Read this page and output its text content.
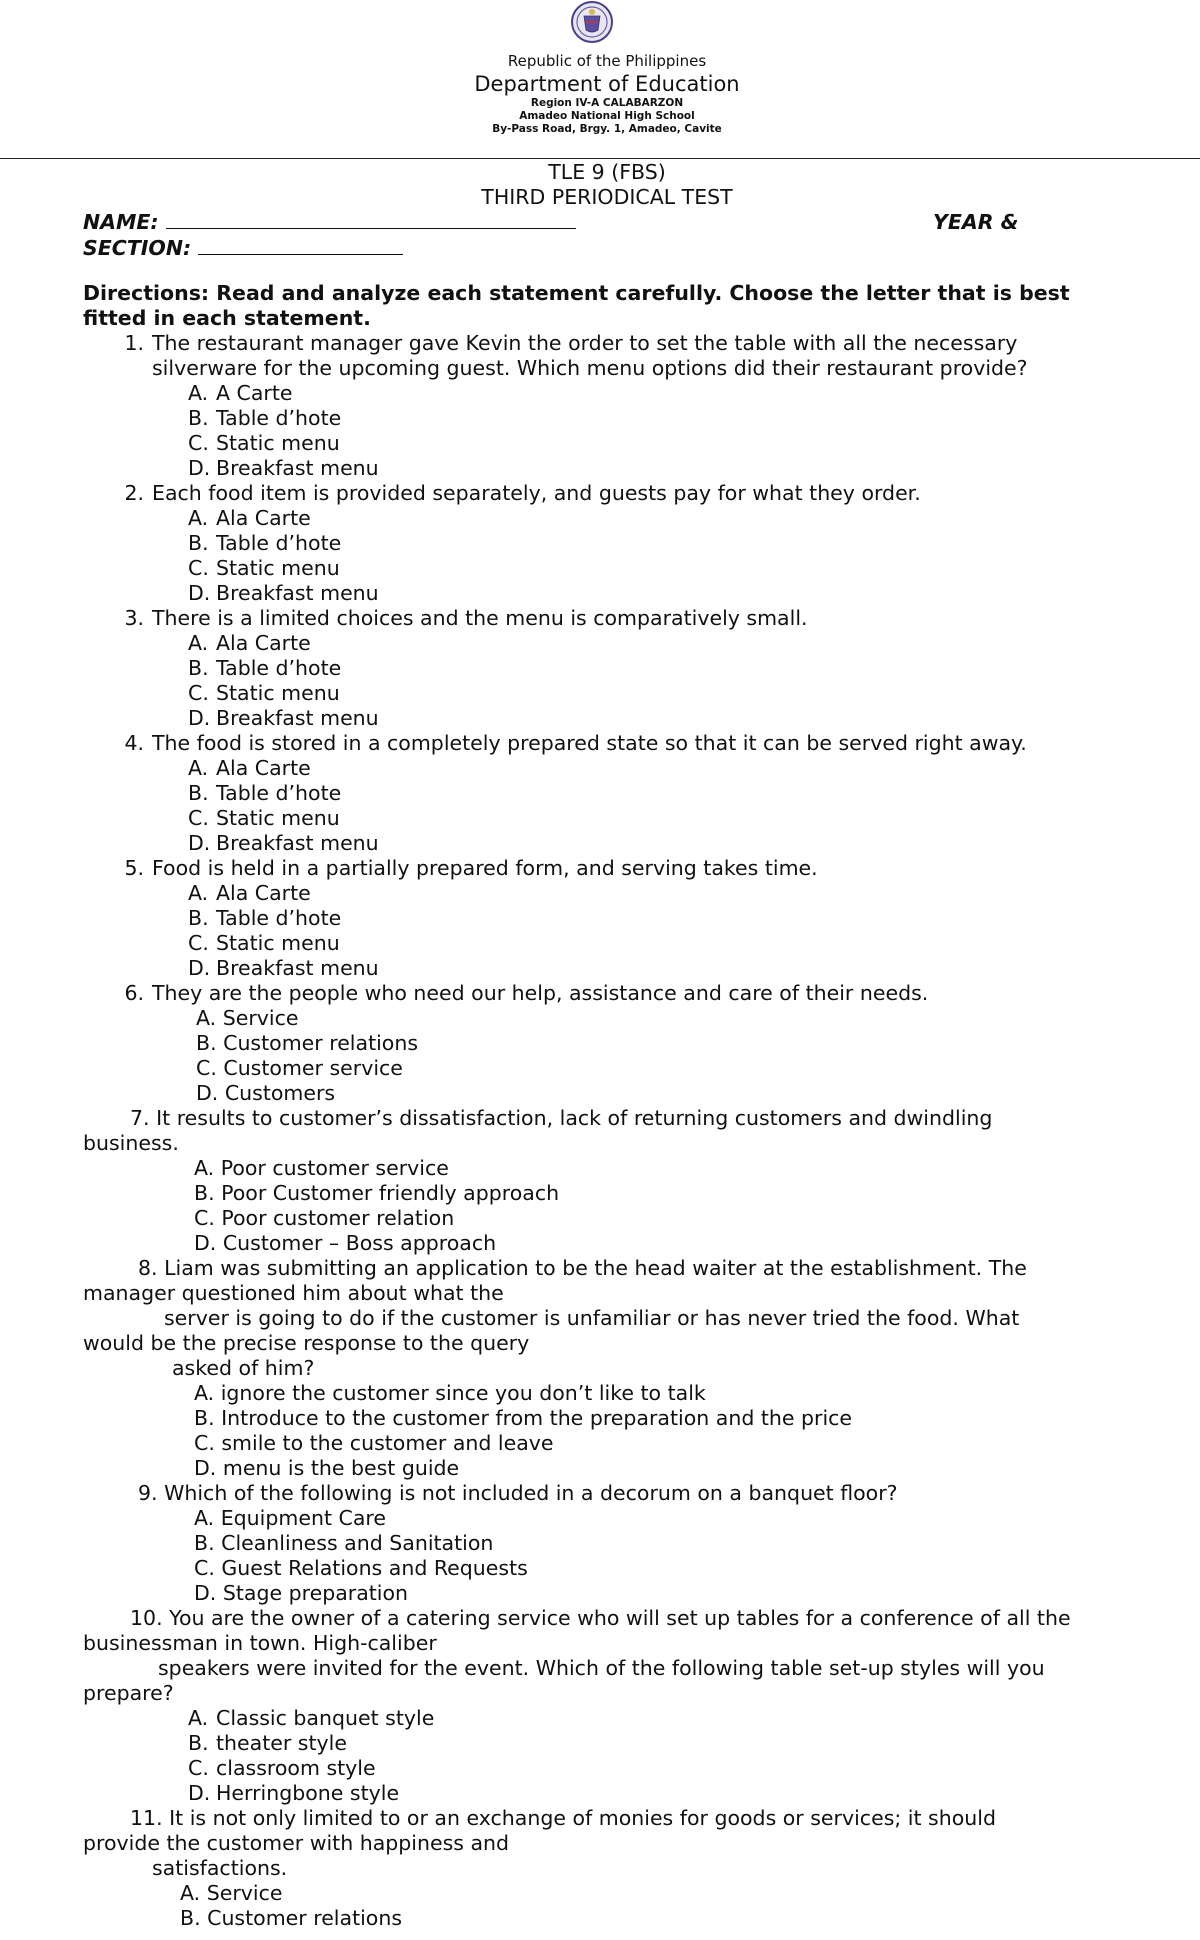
Republic of the Philippines
Department of Education
Region IV-A CALABARZON
Amadeo National High School
By-Pass Road, Brgy. 1, Amadeo, Cavite
TLE 9 (FBS)
THIRD PERIODICAL TEST
NAME:	YEAR &
SECTION:
Directions: Read and analyze each statement carefully. Choose the letter that is best
fitted in each statement.
1. The restaurant manager gave Kevin the order to set the table with all the necessary
silverware for the upcoming guest. Which menu options did their restaurant provide?
A. A Carte
B. Table d’hote
C. Static menu
D. Breakfast menu
2. Each food item is provided separately, and guests pay for what they order.
A. Ala Carte
B. Table d’hote
C. Static menu
D. Breakfast menu
3. There is a limited choices and the menu is comparatively small.
A. Ala Carte
B. Table d’hote
C. Static menu
D. Breakfast menu
4. The food is stored in a completely prepared state so that it can be served right away.
A. Ala Carte
B. Table d’hote
C. Static menu
D. Breakfast menu
5. Food is held in a partially prepared form, and serving takes time.
A. Ala Carte
B. Table d’hote
C. Static menu
D. Breakfast menu
6. They are the people who need our help, assistance and care of their needs.
A. Service
B. Customer relations
C. Customer service
D. Customers
7. It results to customer’s dissatisfaction, lack of returning customers and dwindling
business.
A. Poor customer service
B. Poor Customer friendly approach
C. Poor customer relation
D. Customer – Boss approach
8. Liam was submitting an application to be the head waiter at the establishment. The
manager questioned him about what the
server is going to do if the customer is unfamiliar or has never tried the food. What
would be the precise response to the query
asked of him?
A. ignore the customer since you don’t like to talk
B. Introduce to the customer from the preparation and the price
C. smile to the customer and leave
D. menu is the best guide
9. Which of the following is not included in a decorum on a banquet floor?
A. Equipment Care
B. Cleanliness and Sanitation
C. Guest Relations and Requests
D. Stage preparation
10. You are the owner of a catering service who will set up tables for a conference of all the
businessman in town. High-caliber
speakers were invited for the event. Which of the following table set-up styles will you
prepare?
A. Classic banquet style
B. theater style
C. classroom style
D. Herringbone style
11. It is not only limited to or an exchange of monies for goods or services; it should
provide the customer with happiness and
satisfactions.
A. Service
B. Customer relations
